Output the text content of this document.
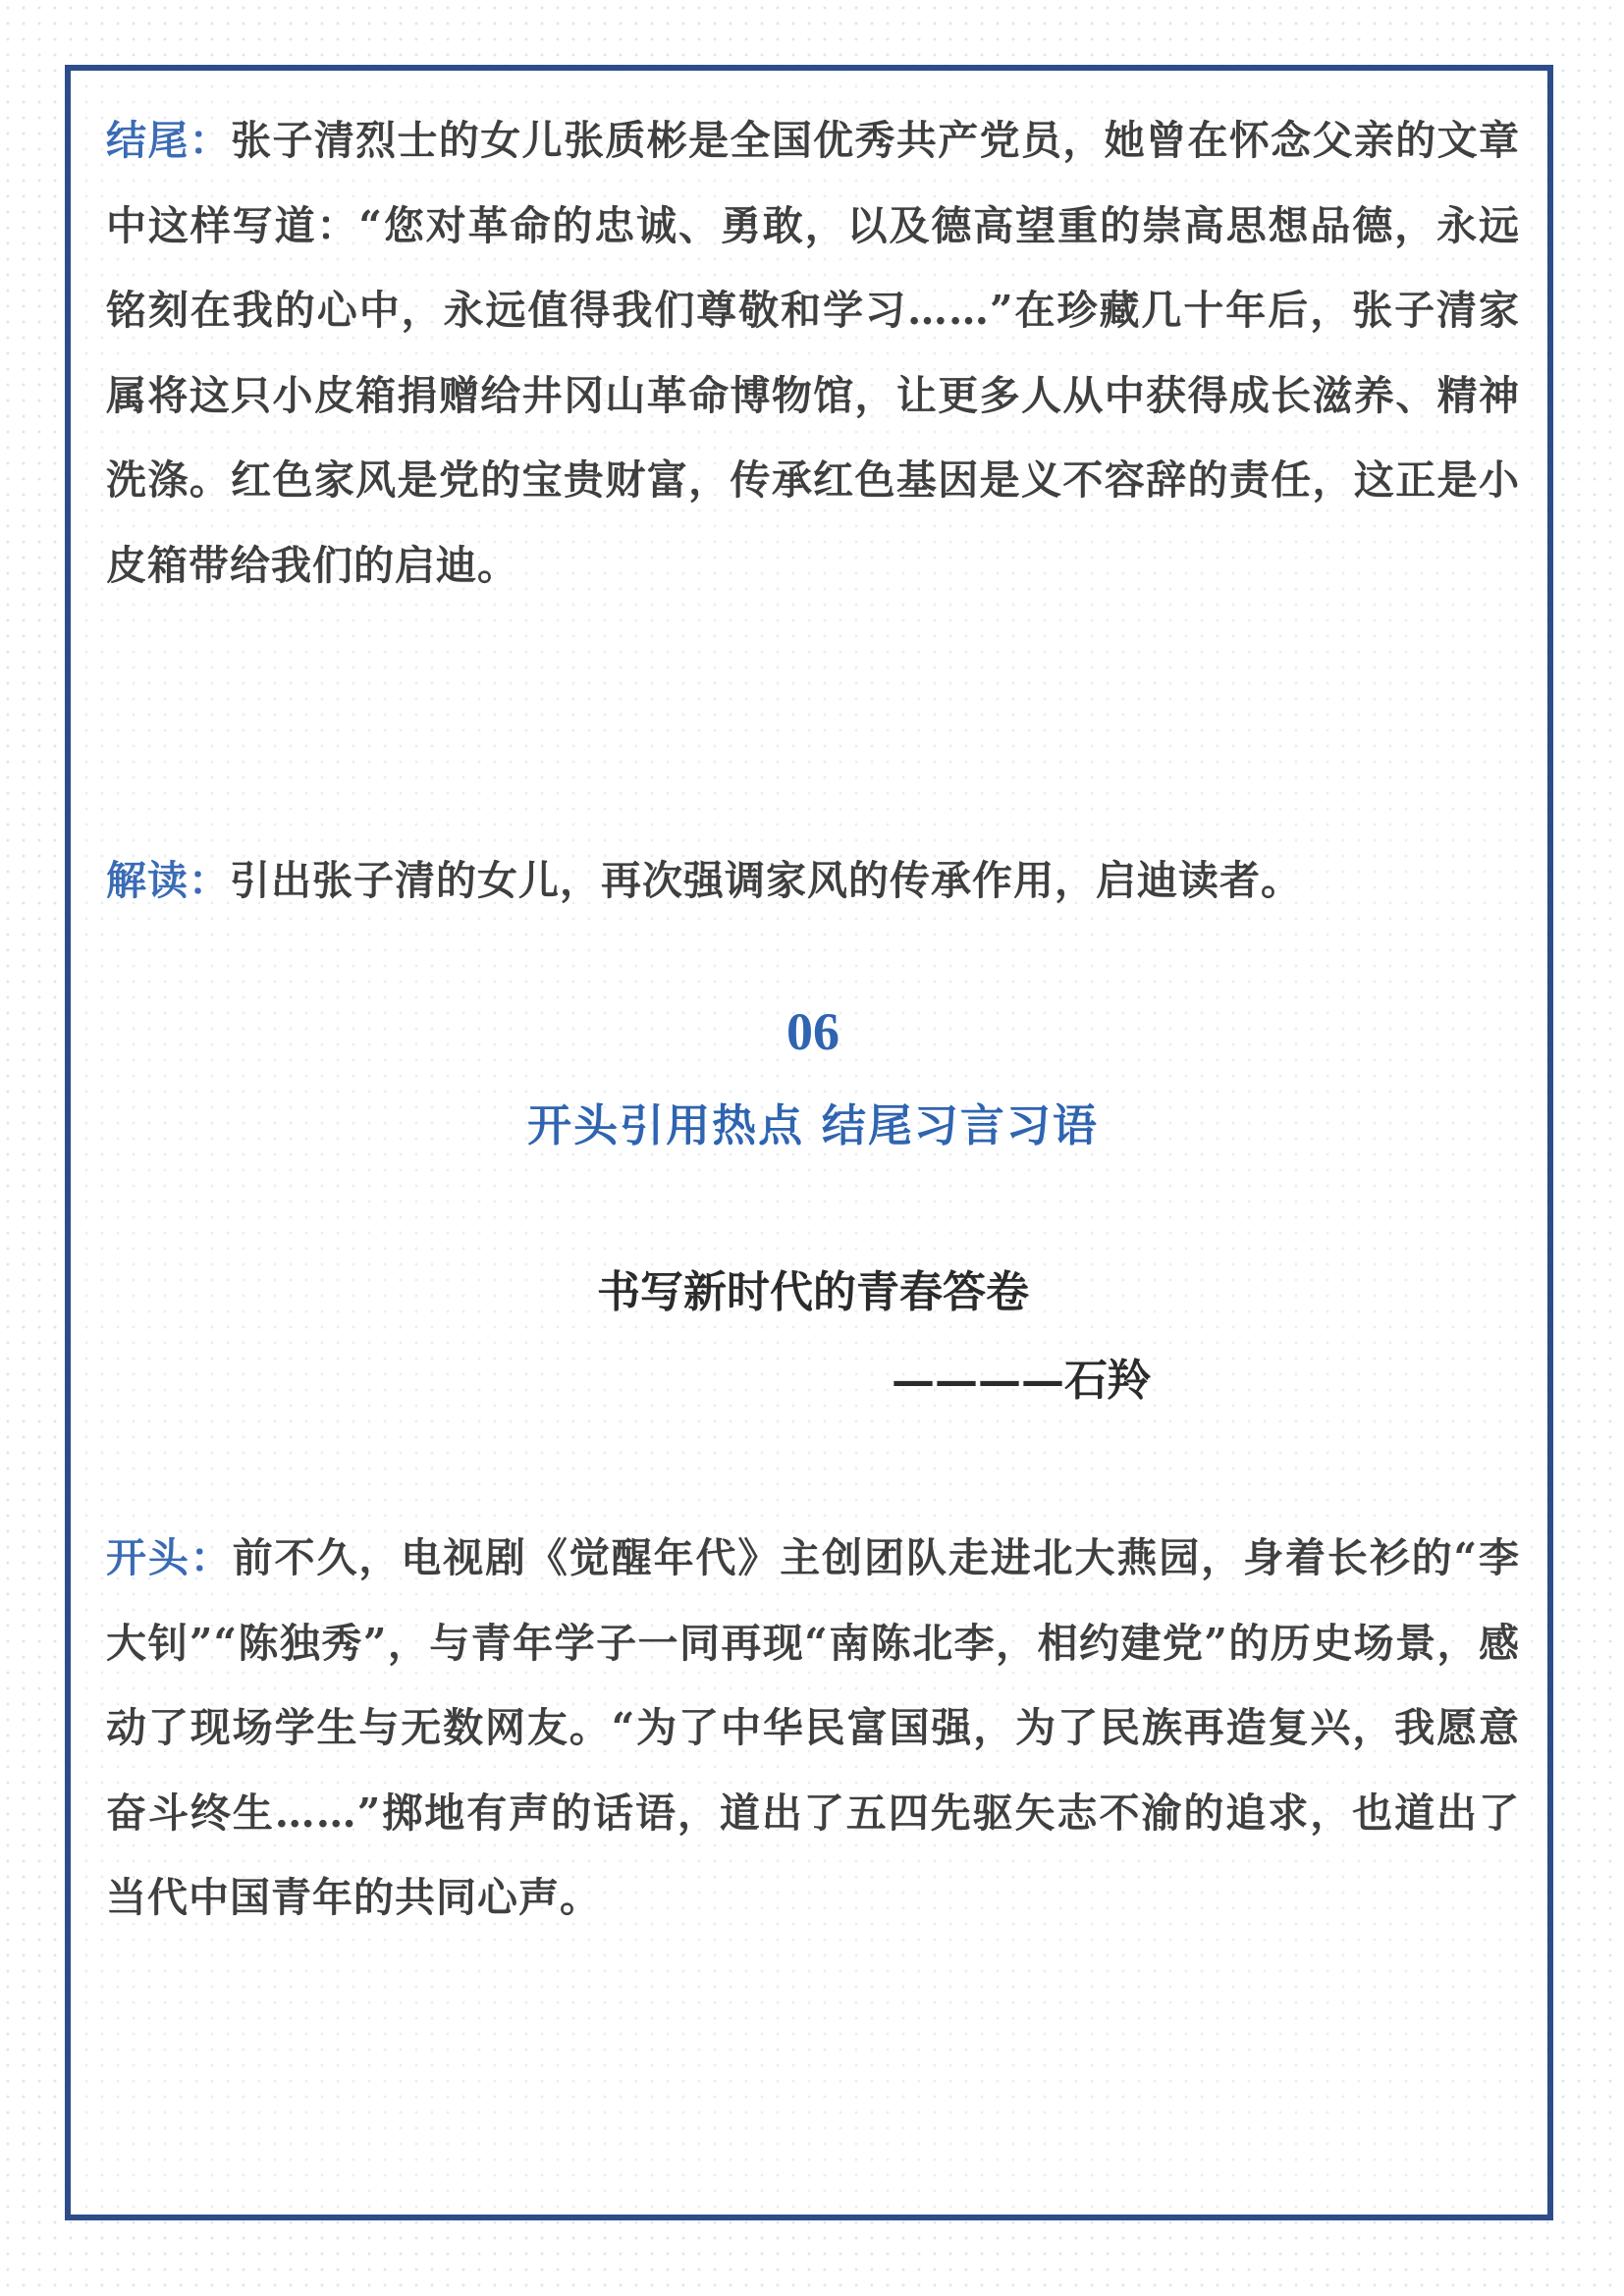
结尾：张子清烈士的女儿张质彬是全国优秀共产党员，她曾在怀念父亲的文章中这样写道：“您对革命的忠诚、勇敢，以及德高望重的崇高思想品德，永远铭刻在我的心中，永远值得我们尊敬和学习……”在珍藏几十年后，张子清家属将这只小皮箱捐赠给井冈山革命博物馆，让更多人从中获得成长滋养、精神洗涤。红色家风是党的宝贵财富，传承红色基因是义不容辞的责任，这正是小皮箱带给我们的启迪。

解读：引出张子清的女儿，再次强调家风的传承作用，启迪读者。

06
开头引用热点 结尾习言习语
书写新时代的青春答卷
————石羚

开头：前不久，电视剧《觉醒年代》主创团队走进北大燕园，身着长衫的“李大钊”“陈独秀”，与青年学子一同再现“南陈北李，相约建党”的历史场景，感动了现场学生与无数网友。“为了中华民富国强，为了民族再造复兴，我愿意奋斗终生……”掷地有声的话语，道出了五四先驱矢志不渝的追求，也道出了当代中国青年的共同心声。
